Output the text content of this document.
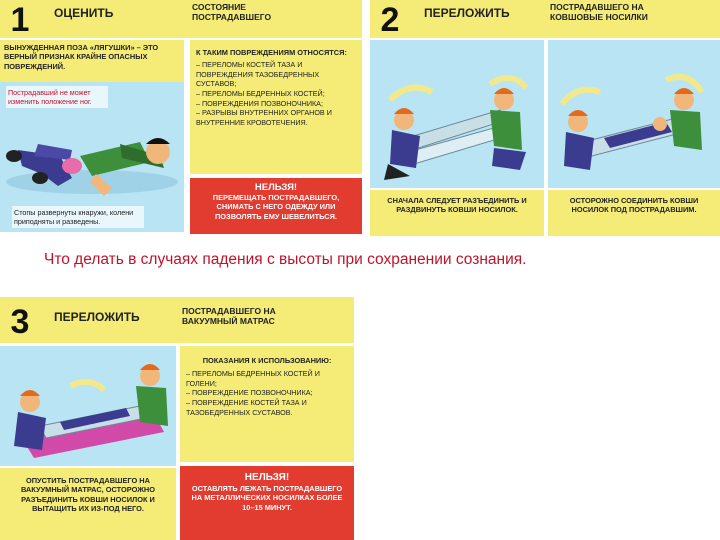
1	ОЦЕНИТЬ	СОСТОЯНИЕ ПОСТРАДАВШЕГО
ВЫНУЖДЕННАЯ ПОЗА «ЛЯГУШКИ» – ЭТО ВЕРНЫЙ ПРИЗНАК КРАЙНЕ ОПАСНЫХ ПОВРЕЖДЕНИЙ.
Пострадавший не может изменить положение ног.
Стопы развернуты кнаружи, колени приподняты и разведены.
К ТАКИМ ПОВРЕЖДЕНИЯМ ОТНОСЯТСЯ:
– ПЕРЕЛОМЫ КОСТЕЙ ТАЗА И ПОВРЕЖДЕНИЯ ТАЗОБЕДРЕННЫХ СУСТАВОВ;
– ПЕРЕЛОМЫ БЕДРЕННЫХ КОСТЕЙ;
– ПОВРЕЖДЕНИЯ ПОЗВОНОЧНИКА;
– РАЗРЫВЫ ВНУТРЕННИХ ОРГАНОВ И ВНУТРЕННИЕ КРОВОТЕЧЕНИЯ.
НЕЛЬЗЯ!
ПЕРЕМЕЩАТЬ ПОСТРАДАВШЕГО, СНИМАТЬ С НЕГО ОДЕЖДУ ИЛИ ПОЗВОЛЯТЬ ЕМУ ШЕВЕЛИТЬСЯ.
2	ПЕРЕЛОЖИТЬ	ПОСТРАДАВШЕГО НА КОВШОВЫЕ НОСИЛКИ
СНАЧАЛА СЛЕДУЕТ РАЗЪЕДИНИТЬ И РАЗДВИНУТЬ КОВШИ НОСИЛОК.
ОСТОРОЖНО СОЕДИНИТЬ КОВШИ НОСИЛОК ПОД ПОСТРАДАВШИМ.
Что делать в случаях падения с высоты при сохранении сознания.
3	ПЕРЕЛОЖИТЬ	ПОСТРАДАВШЕГО НА ВАКУУМНЫЙ МАТРАС
ПОКАЗАНИЯ К ИСПОЛЬЗОВАНИЮ:
– ПЕРЕЛОМЫ БЕДРЕННЫХ КОСТЕЙ И ГОЛЕНИ;
– ПОВРЕЖДЕНИЕ ПОЗВОНОЧНИКА;
– ПОВРЕЖДЕНИЕ КОСТЕЙ ТАЗА И ТАЗОБЕДРЕННЫХ СУСТАВОВ.
ОПУСТИТЬ ПОСТРАДАВШЕГО НА ВАКУУМНЫЙ МАТРАС, ОСТОРОЖНО РАЗЪЕДИНИТЬ КОВШИ НОСИЛОК И ВЫТАЩИТЬ ИХ ИЗ-ПОД НЕГО.
НЕЛЬЗЯ!
ОСТАВЛЯТЬ ЛЕЖАТЬ ПОСТРАДАВШЕГО НА МЕТАЛЛИЧЕСКИХ НОСИЛКАХ БОЛЕЕ 10–15 МИНУТ.
